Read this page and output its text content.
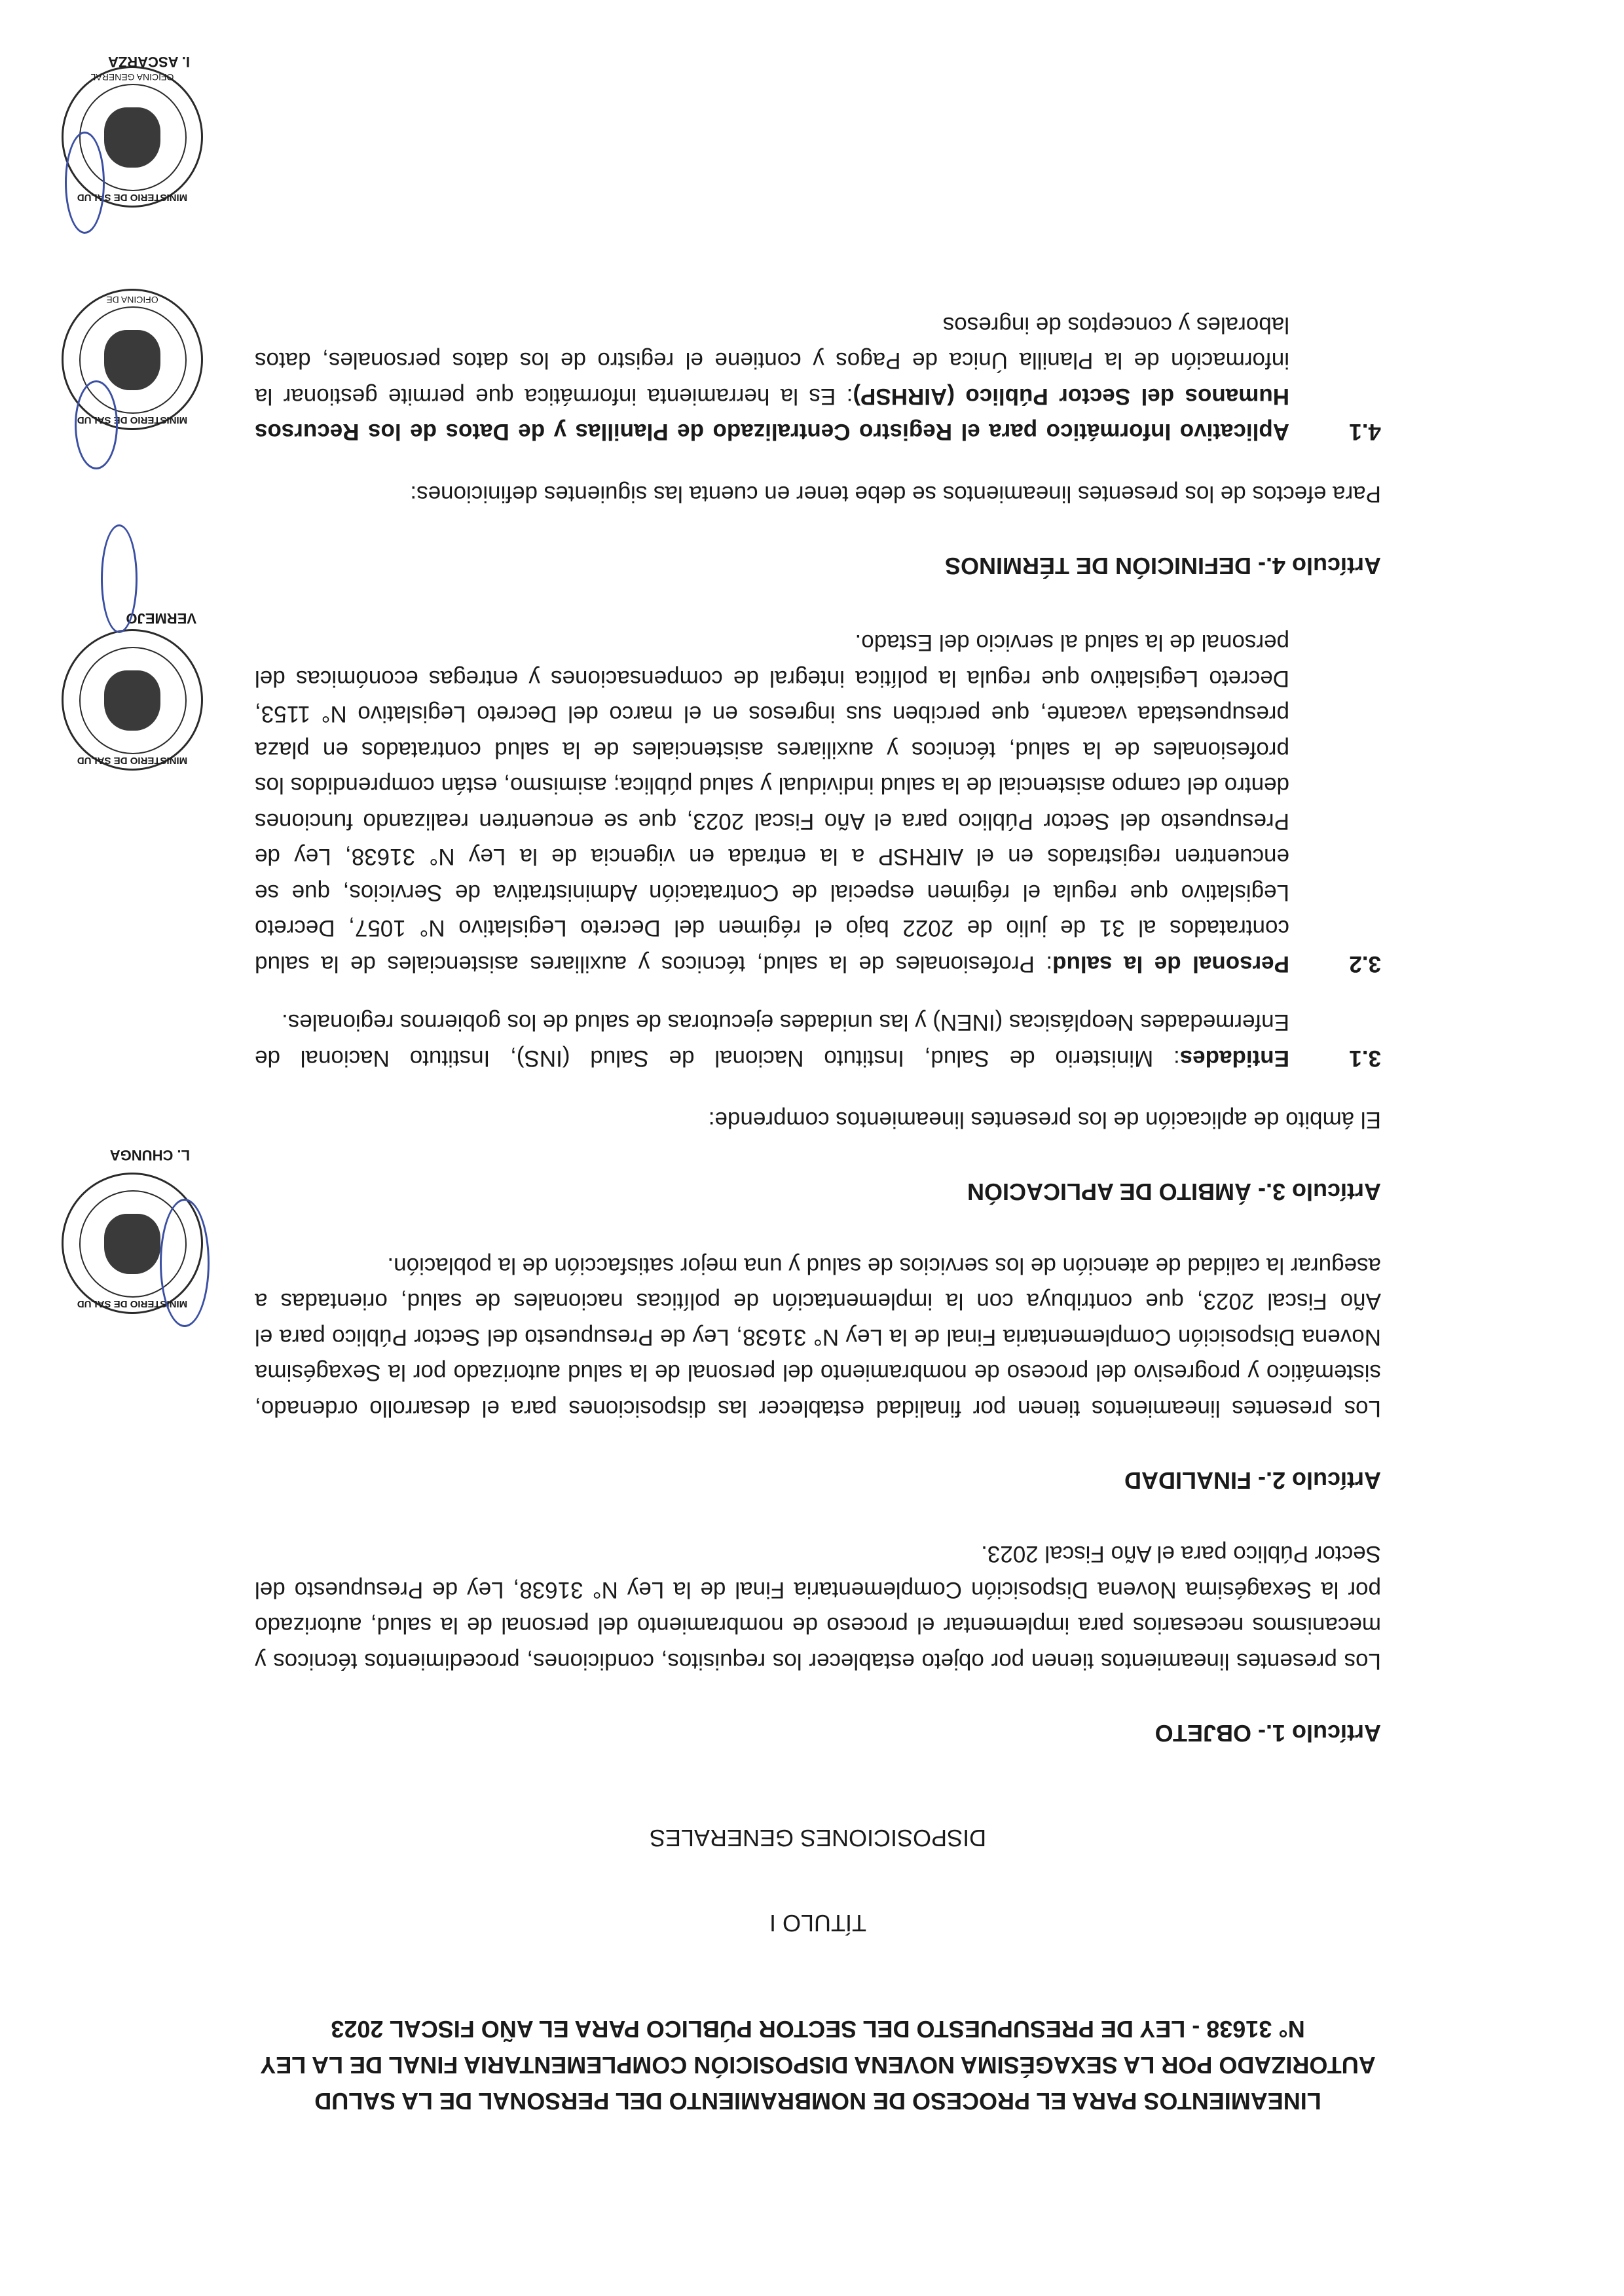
LINEAMIENTOS PARA EL PROCESO DE NOMBRAMIENTO DEL PERSONAL DE LA SALUD AUTORIZADO POR LA SEXAGÉSIMA NOVENA DISPOSICIÓN COMPLEMENTARIA FINAL DE LA LEY N° 31638 - LEY DE PRESUPUESTO DEL SECTOR PÚBLICO PARA EL AÑO FISCAL 2023
TÍTULO I
DISPOSICIONES GENERALES
Artículo 1.- OBJETO
Los presentes lineamientos tienen por objeto establecer los requisitos, condiciones, procedimientos técnicos y mecanismos necesarios para implementar el proceso de nombramiento del personal de la salud, autorizado por la Sexagésima Novena Disposición Complementaria Final de la Ley N° 31638, Ley de Presupuesto del Sector Público para el Año Fiscal 2023.
Artículo 2.- FINALIDAD
Los presentes lineamientos tienen por finalidad establecer las disposiciones para el desarrollo ordenado, sistemático y progresivo del proceso de nombramiento del personal de la salud autorizado por la Sexagésima Novena Disposición Complementaria Final de la Ley N° 31638, Ley de Presupuesto del Sector Público para el Año Fiscal 2023, que contribuya con la implementación de políticas nacionales de salud, orientadas a asegurar la calidad de atención de los servicios de salud y una mejor satisfacción de la población.
Artículo 3.- ÁMBITO DE APLICACIÓN
El ámbito de aplicación de los presentes lineamientos comprende:
3.1
Entidades: Ministerio de Salud, Instituto Nacional de Salud (INS), Instituto Nacional de Enfermedades Neoplásicas (INEN) y las unidades ejecutoras de salud de los gobiernos regionales.
3.2
Personal de la salud: Profesionales de la salud, técnicos y auxiliares asistenciales de la salud contratados al 31 de julio de 2022 bajo el régimen del Decreto Legislativo N° 1057, Decreto Legislativo que regula el régimen especial de Contratación Administrativa de Servicios, que se encuentren registrados en el AIRHSP a la entrada en vigencia de la Ley N° 31638, Ley de Presupuesto del Sector Público para el Año Fiscal 2023, que se encuentren realizando funciones dentro del campo asistencial de la salud individual y salud pública; asimismo, están comprendidos los profesionales de la salud, técnicos y auxiliares asistenciales de la salud contratados en plaza presupuestada vacante, que perciben sus ingresos en el marco del Decreto Legislativo N° 1153, Decreto Legislativo que regula la política integral de compensaciones y entregas económicas del personal de la salud al servicio del Estado.
Artículo 4.- DEFINICIÓN DE TÉRMINOS
Para efectos de los presentes lineamientos se debe tener en cuenta las siguientes definiciones:
4.1
Aplicativo Informático para el Registro Centralizado de Planillas y de Datos de los Recursos Humanos del Sector Público (AIRHSP): Es la herramienta informática que permite gestionar la información de la Planilla Única de Pagos y contiene el registro de los datos personales, datos laborales y conceptos de ingresos
MINISTERIO DE SALUD
L. CHUNGA
MINISTERIO DE SALUD
VERMEJO
MINISTERIO DE SALUD
OFICINA DE
MINISTERIO DE SALUD
OFICINA GENERAL
I. ASCARZA
